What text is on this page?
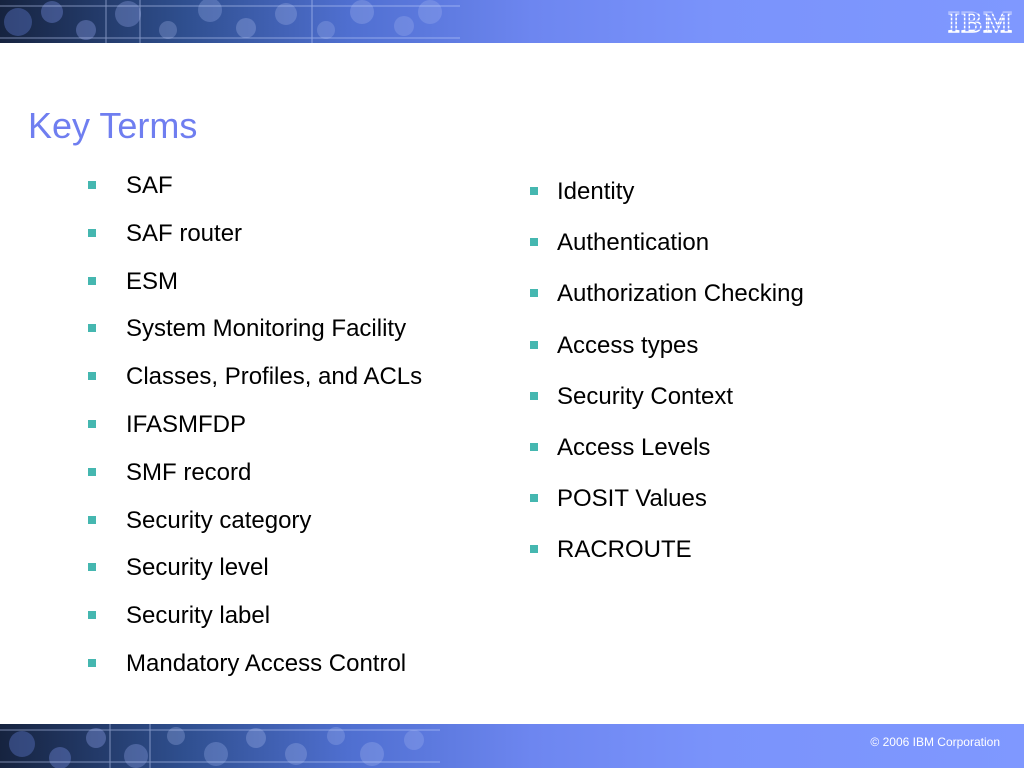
IBM
Key Terms
SAF
SAF router
ESM
System Monitoring Facility
Classes, Profiles, and ACLs
IFASMFDP
SMF record
Security category
Security level
Security label
Mandatory Access Control
Identity
Authentication
Authorization Checking
Access types
Security Context
Access Levels
POSIT Values
RACROUTE
© 2006 IBM Corporation
